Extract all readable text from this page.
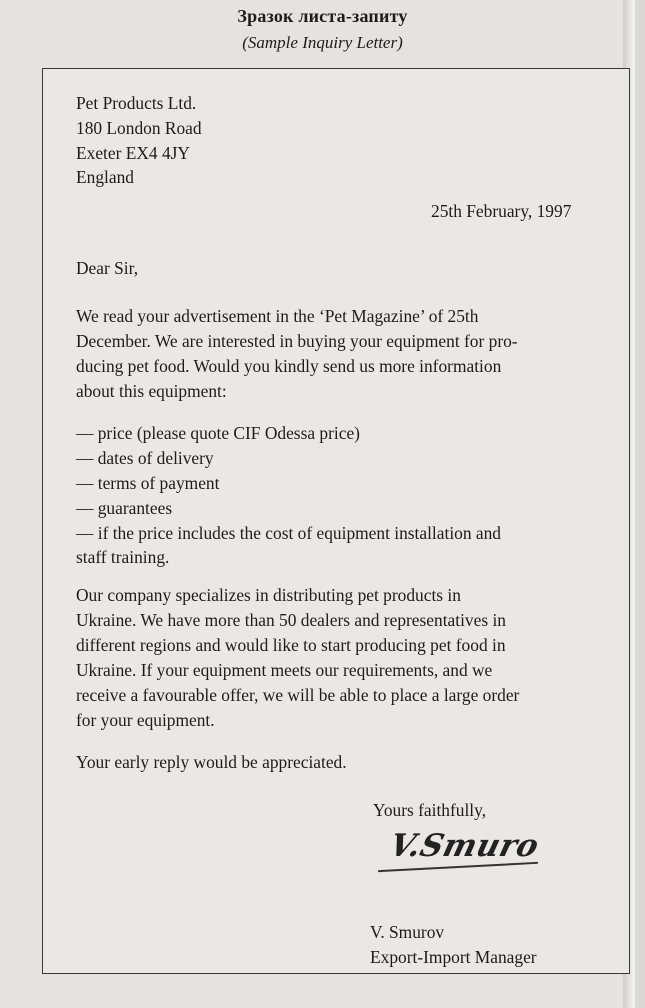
Зразок листа-запиту
(Sample Inquiry Letter)
Pet Products Ltd.
180 London Road
Exeter EX4 4JY
England
25th February, 1997
Dear Sir,
We read your advertisement in the ‘Pet Magazine’ of 25th
December. We are interested in buying your equipment for pro-
ducing pet food. Would you kindly send us more information
about this equipment:
— price (please quote CIF Odessa price)
— dates of delivery
— terms of payment
— guarantees
— if the price includes the cost of equipment installation and
staff training.
Our company specializes in distributing pet products in
Ukraine. We have more than 50 dealers and representatives in
different regions and would like to start producing pet food in
Ukraine. If your equipment meets our requirements, and we
receive a favourable offer, we will be able to place a large order
for your equipment.
Your early reply would be appreciated.
Yours faithfully,
V. Smurov
Export-Import Manager
V.Smurov
